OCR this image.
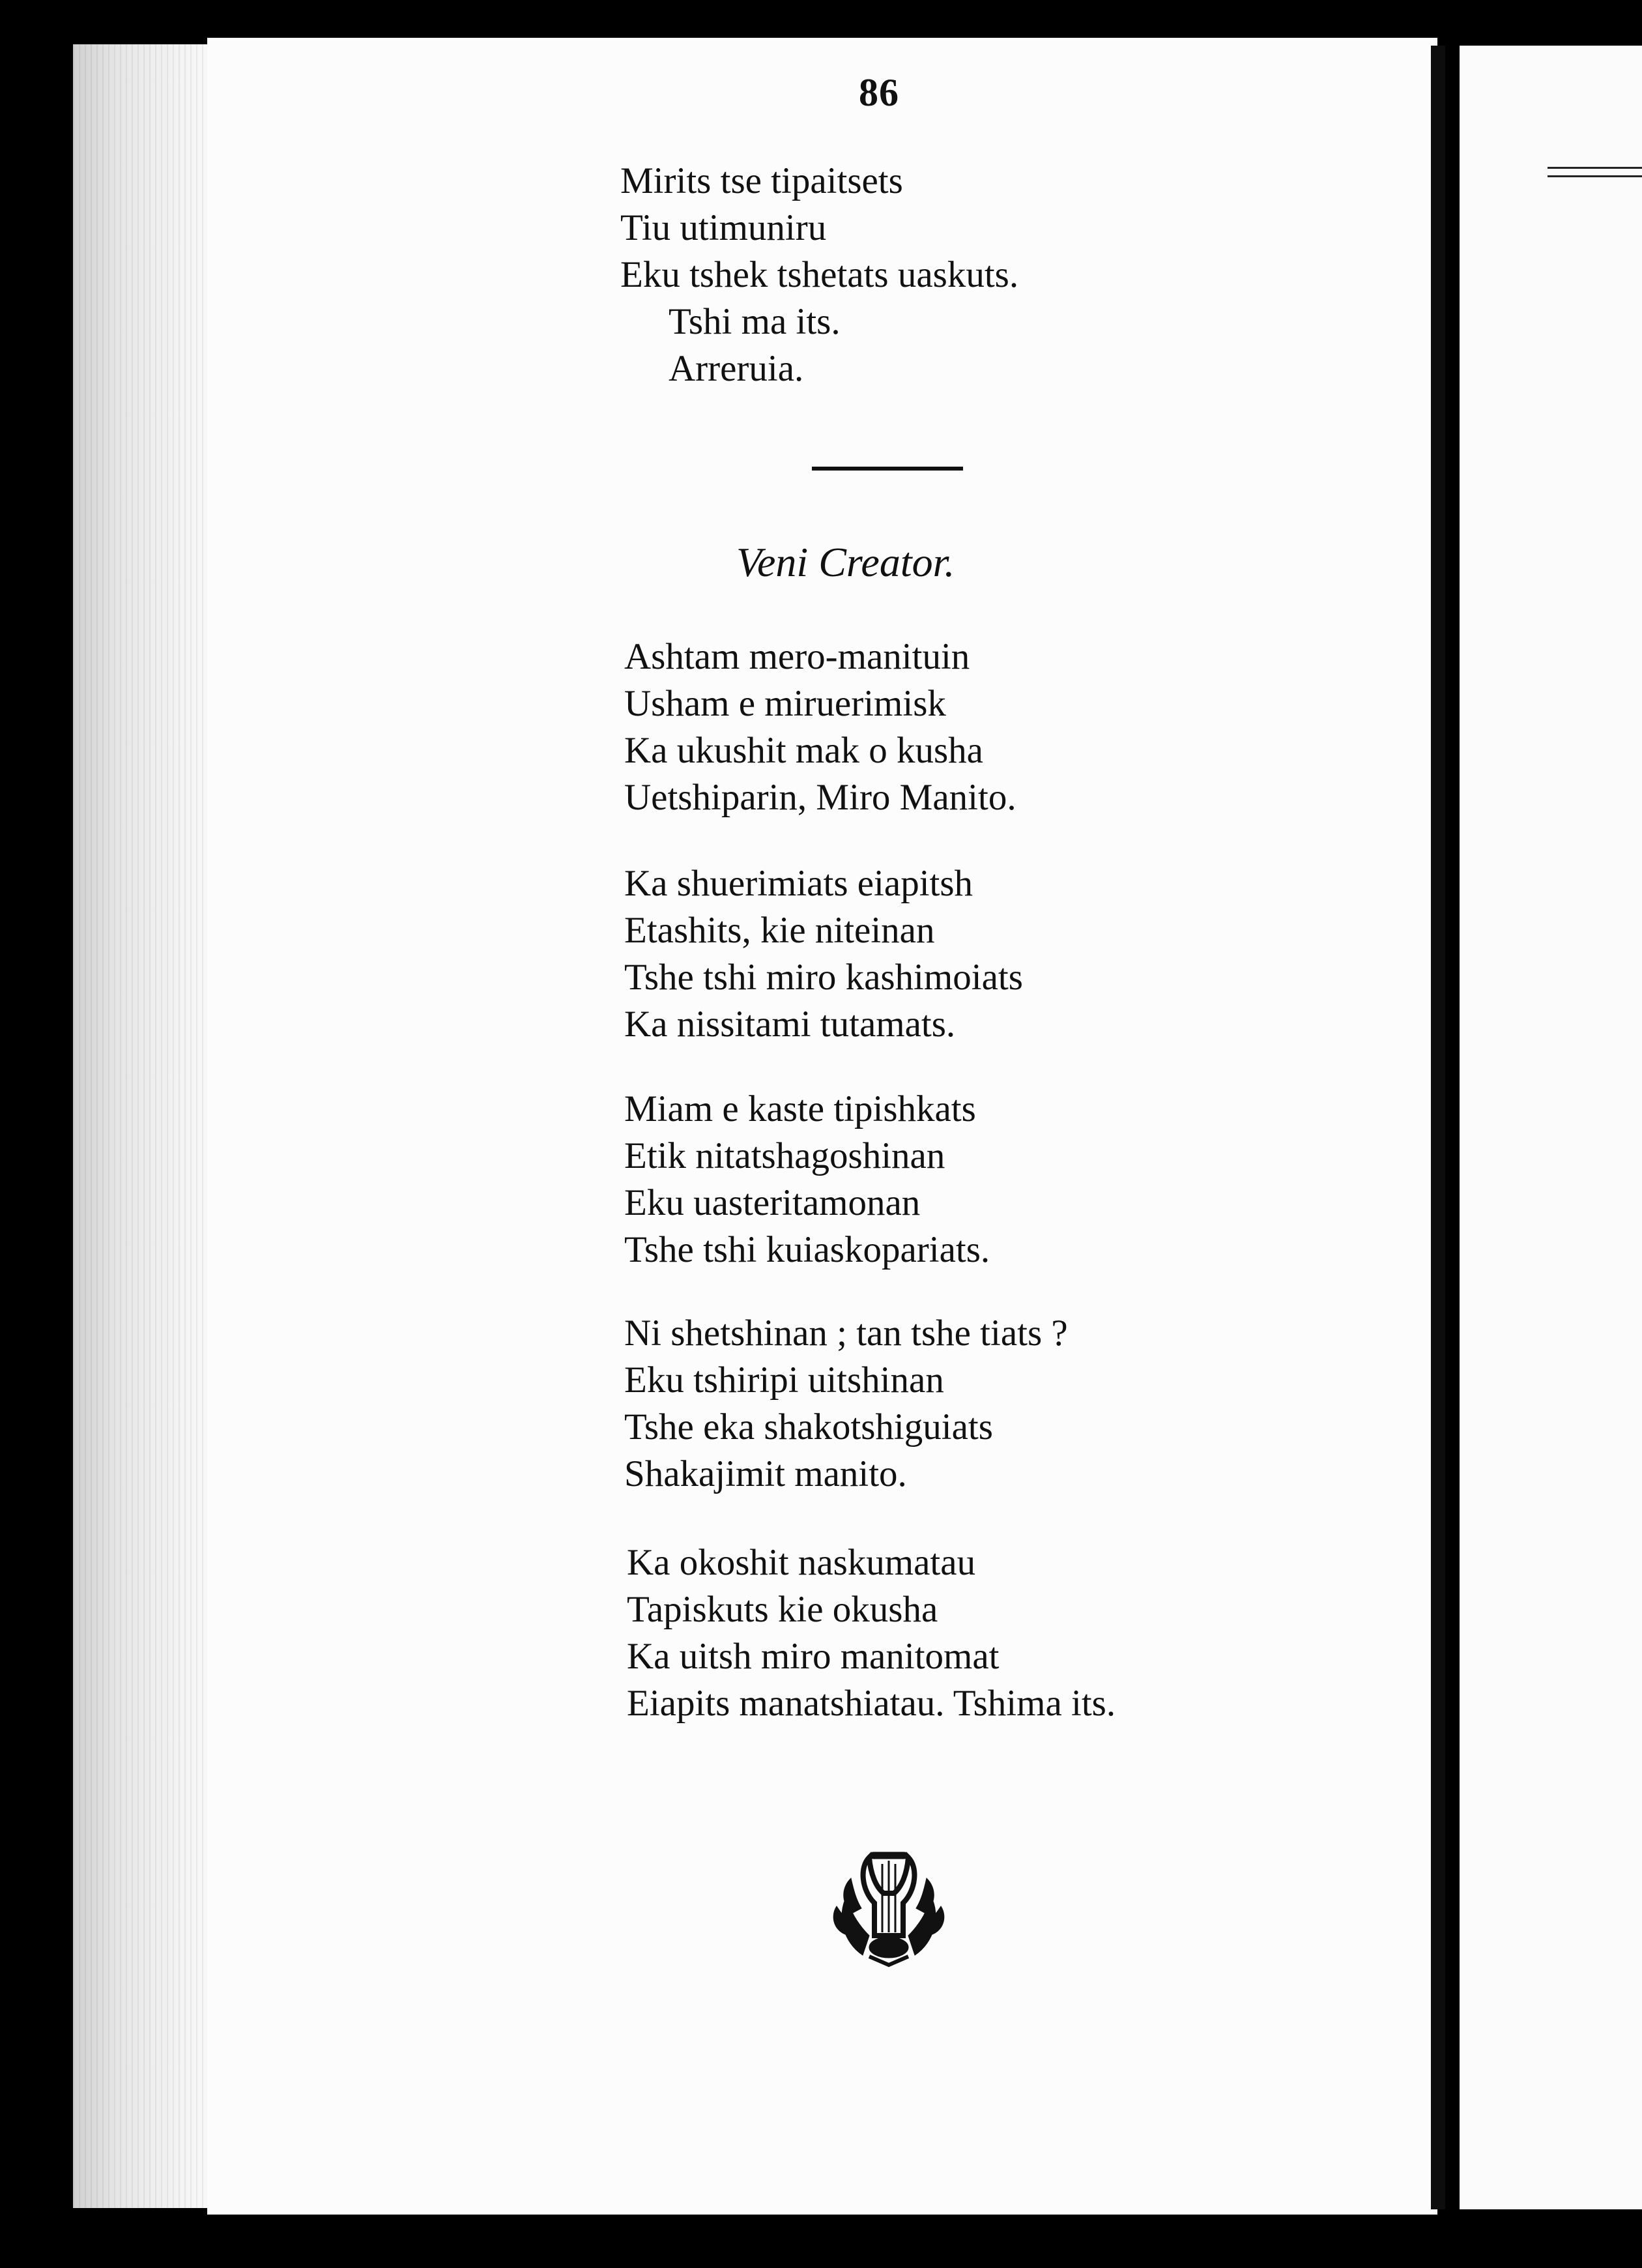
86
Mirits tse tipaitsets
Tiu utimuniru
Eku tshek tshetats uaskuts.
Tshi ma its.
Arreruia.
Veni Creator.
Ashtam mero-manituin
Usham e miruerimisk
Ka ukushit mak o kusha
Uetshiparin, Miro Manito.
Ka shuerimiats eiapitsh
Etashits, kie niteinan
Tshe tshi miro kashimoiats
Ka nissitami tutamats.
Miam e kaste tipishkats
Etik nitatshagoshinan
Eku uasteritamonan
Tshe tshi kuiaskopariats.
Ni shetshinan ; tan tshe tiats ?
Eku tshiripi uitshinan
Tshe eka shakotshiguiats
Shakajimit manito.
Ka okoshit naskumatau
Tapiskuts kie okusha
Ka uitsh miro manitomat
Eiapits manatshiatau. Tshima its.
